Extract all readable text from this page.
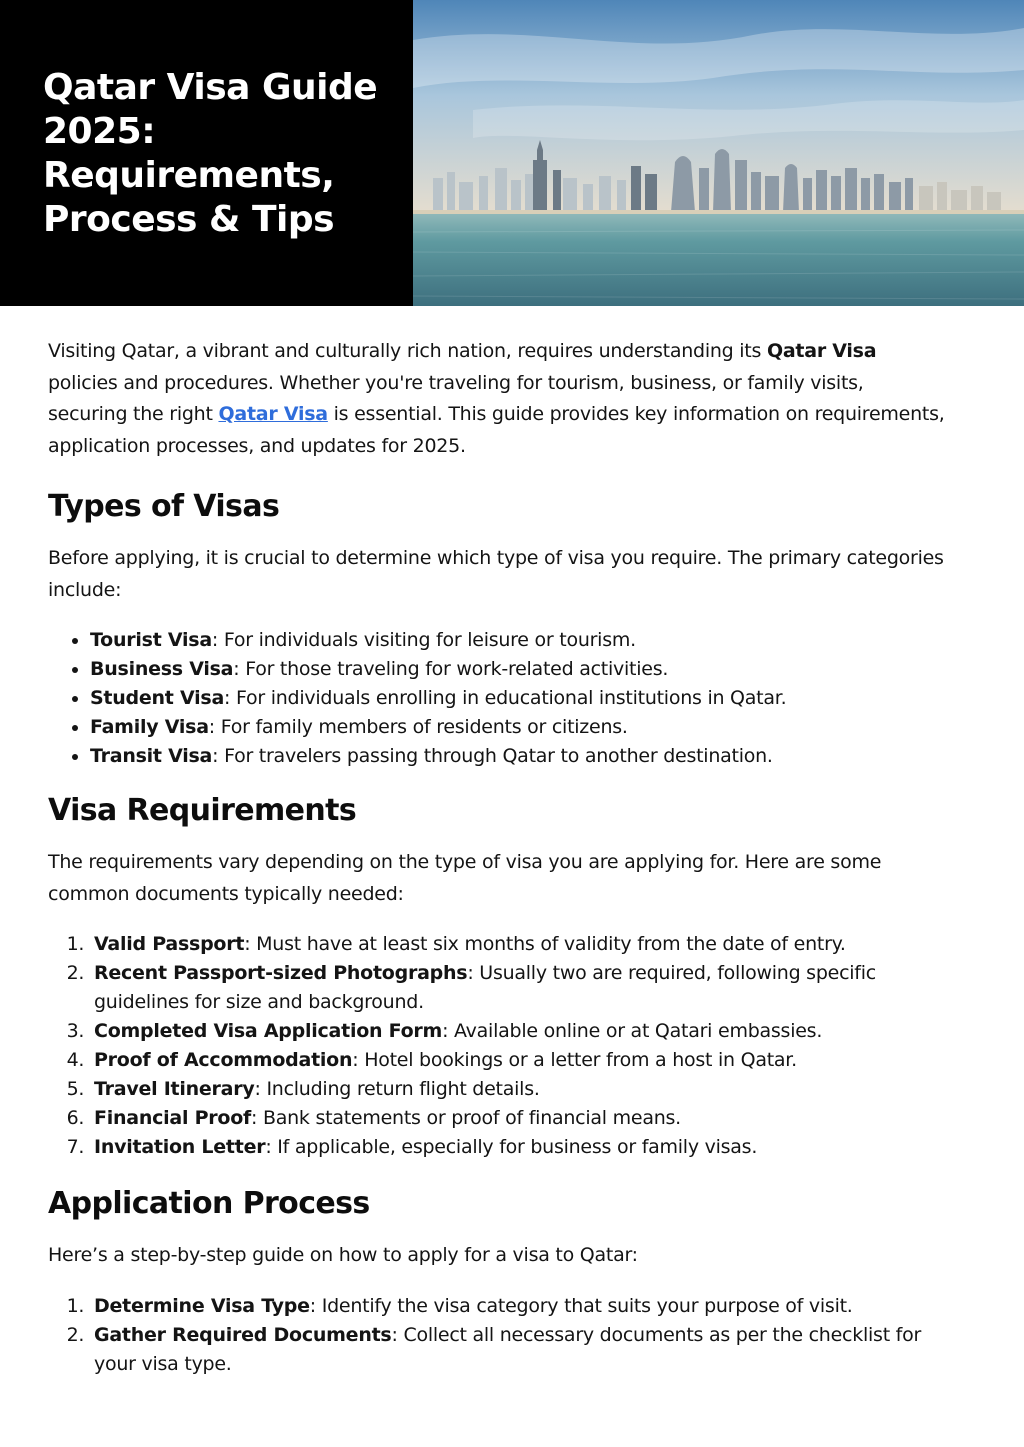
Qatar Visa Guide
2025:
Requirements,
Process & Tips

Visiting Qatar, a vibrant and culturally rich nation, requires understanding its Qatar Visa policies and procedures. Whether you're traveling for tourism, business, or family visits, securing the right Qatar Visa is essential. This guide provides key information on requirements, application processes, and updates for 2025.

Types of Visas

Before applying, it is crucial to determine which type of visa you require. The primary categories include:

• Tourist Visa: For individuals visiting for leisure or tourism.
• Business Visa: For those traveling for work-related activities.
• Student Visa: For individuals enrolling in educational institutions in Qatar.
• Family Visa: For family members of residents or citizens.
• Transit Visa: For travelers passing through Qatar to another destination.
Visa Requirements

The requirements vary depending on the type of visa you are applying for. Here are some common documents typically needed:

1. Valid Passport: Must have at least six months of validity from the date of entry.
2. Recent Passport-sized Photographs: Usually two are required, following specific guidelines for size and background.
3. Completed Visa Application Form: Available online or at Qatari embassies.
4. Proof of Accommodation: Hotel bookings or a letter from a host in Qatar.
5. Travel Itinerary: Including return flight details.
6. Financial Proof: Bank statements or proof of financial means.
7. Invitation Letter: If applicable, especially for business or family visas.
Application Process

Here’s a step-by-step guide on how to apply for a visa to Qatar:

1. Determine Visa Type: Identify the visa category that suits your purpose of visit.
2. Gather Required Documents: Collect all necessary documents as per the checklist for your visa type.
